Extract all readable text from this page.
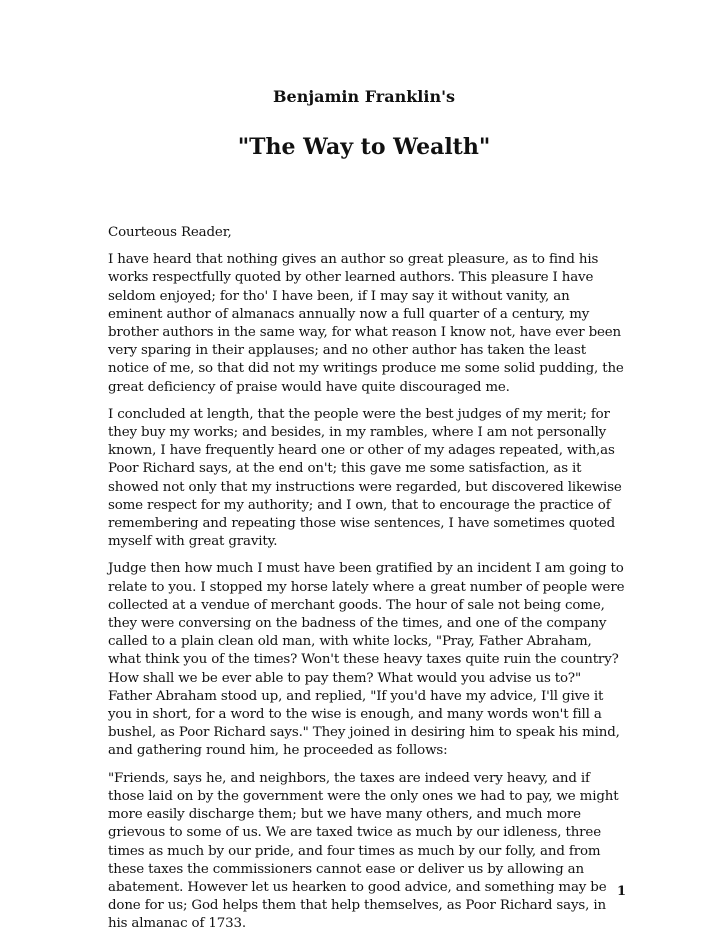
Benjamin Franklin's
"The Way to Wealth"

Courteous Reader,

I have heard that nothing gives an author so great pleasure, as to find his works respectfully quoted by other learned authors. This pleasure I have seldom enjoyed; for tho' I have been, if I may say it without vanity, an eminent author of almanacs annually now a full quarter of a century, my brother authors in the same way, for what reason I know not, have ever been very sparing in their applauses; and no other author has taken the least notice of me, so that did not my writings produce me some solid pudding, the great deficiency of praise would have quite discouraged me.

I concluded at length, that the people were the best judges of my merit; for they buy my works; and besides, in my rambles, where I am not personally known, I have frequently heard one or other of my adages repeated, with,as Poor Richard says, at the end on't; this gave me some satisfaction, as it showed not only that my instructions were regarded, but discovered likewise some respect for my authority; and I own, that to encourage the practice of remembering and repeating those wise sentences, I have sometimes quoted myself with great gravity.

Judge then how much I must have been gratified by an incident I am going to relate to you. I stopped my horse lately where a great number of people were collected at a vendue of merchant goods. The hour of sale not being come, they were conversing on the badness of the times, and one of the company called to a plain clean old man, with white locks, "Pray, Father Abraham, what think you of the times? Won't these heavy taxes quite ruin the country? How shall we be ever able to pay them? What would you advise us to?" Father Abraham stood up, and replied, "If you'd have my advice, I'll give it you in short, for a word to the wise is enough, and many words won't fill a bushel, as Poor Richard says." They joined in desiring him to speak his mind, and gathering round him, he proceeded as follows:

"Friends, says he, and neighbors, the taxes are indeed very heavy, and if those laid on by the government were the only ones we had to pay, we might more easily discharge them; but we have many others, and much more grievous to some of us. We are taxed twice as much by our idleness, three times as much by our pride, and four times as much by our folly, and from these taxes the commissioners cannot ease or deliver us by allowing an abatement. However let us hearken to good advice, and something may be done for us; God helps them that help themselves, as Poor Richard says, in his almanac of 1733.

1
